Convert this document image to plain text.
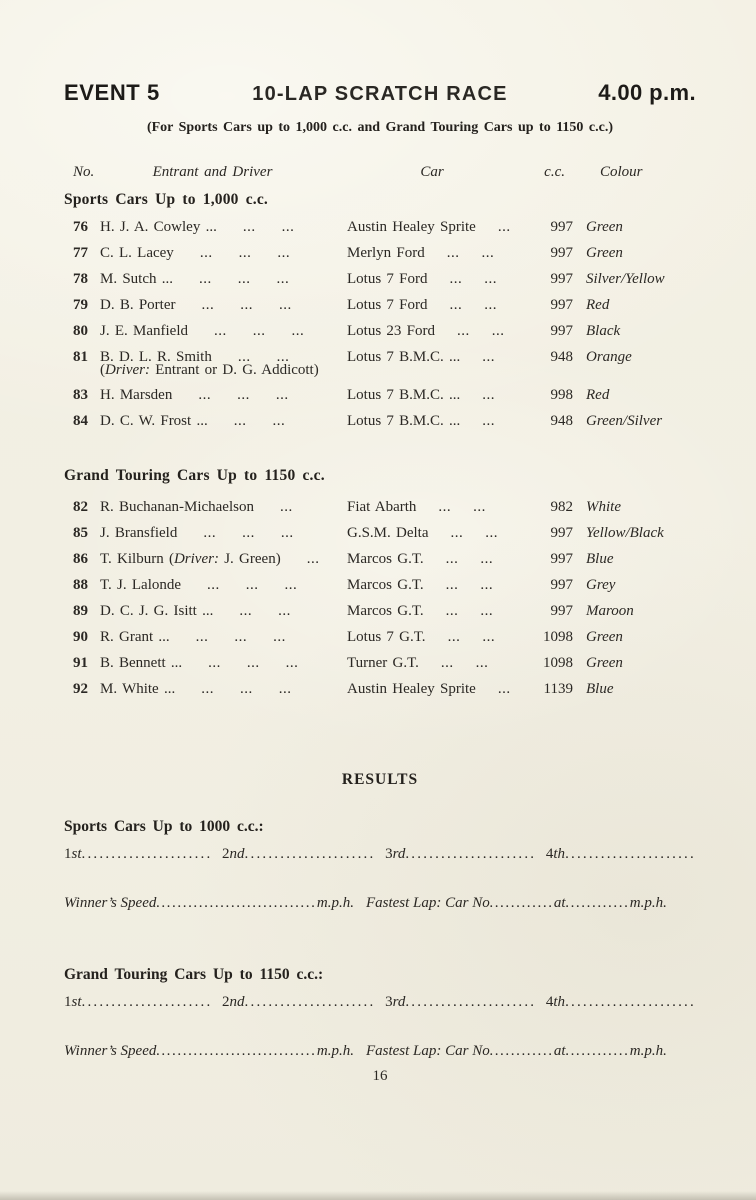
EVENT 5	10-LAP SCRATCH RACE	4.00 p.m.
(For Sports Cars up to 1,000 c.c. and Grand Touring Cars up to 1150 c.c.)
No.	Entrant and Driver	Car	c.c.	Colour
Sports Cars Up to 1,000 c.c.
76 H. J. A. Cowley ... ... ...	Austin Healey Sprite ...	997 Green
77 C. L. Lacey ... ... ...	Merlyn Ford ... ...	997 Green
78 M. Sutch ... ... ... ...	Lotus 7 Ford ... ...	997 Silver/Yellow
79 D. B. Porter ... ... ...	Lotus 7 Ford ... ...	997 Red
80 J. E. Manfield ... ... ...	Lotus 23 Ford ... ...	997 Black
81 B. D. L. R. Smith ... ...	Lotus 7 B.M.C. ... ...	948 Orange
(Driver: Entrant or D. G. Addicott)
83 H. Marsden ... ... ...	Lotus 7 B.M.C. ... ...	998 Red
84 D. C. W. Frost ... ... ...	Lotus 7 B.M.C. ... ...	948 Green/Silver
Grand Touring Cars Up to 1150 c.c.
82 R. Buchanan-Michaelson ...	Fiat Abarth ... ...	982 White
85 J. Bransfield ... ... ...	G.S.M. Delta ... ...	997 Yellow/Black
86 T. Kilburn (Driver: J. Green) ...	Marcos G.T. ... ...	997 Blue
88 T. J. Lalonde ... ... ...	Marcos G.T. ... ...	997 Grey
89 D. C. J. G. Isitt ... ... ...	Marcos G.T. ... ...	997 Maroon
90 R. Grant ... ... ... ...	Lotus 7 G.T. ... ...	1098 Green
91 B. Bennett ... ... ... ...	Turner G.T. ... ...	1098 Green
92 M. White ... ... ... ...	Austin Healey Sprite ...	1139 Blue
RESULTS
Sports Cars Up to 1000 c.c.:
1st...................... 2nd...................... 3rd...................... 4th......................
Winner’s Speed .............................. m.p.h. Fastest Lap: Car No ............ at ............ m.p.h.
Grand Touring Cars Up to 1150 c.c.:
1st...................... 2nd...................... 3rd...................... 4th......................
Winner’s Speed .............................. m.p.h. Fastest Lap: Car No ............ at ............ m.p.h.
16
